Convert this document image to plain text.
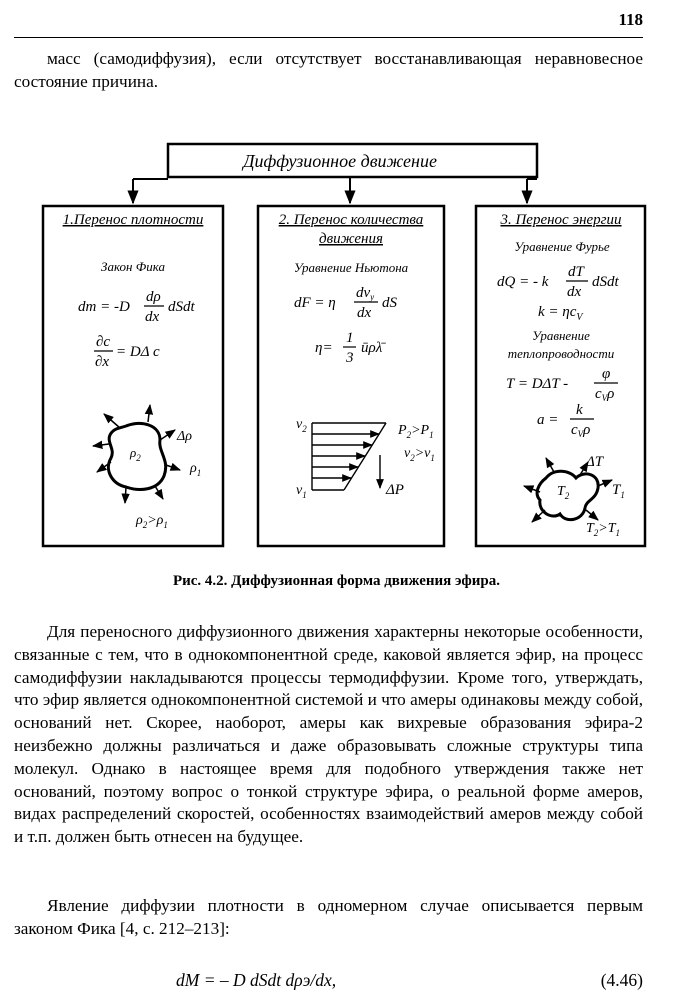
118
масс (самодиффузия), если отсутствует восстанавливающая неравновесное состояние причина.
Диффузионное движение
1.Перенос плотности
Закон Фика
dm = -D
dρ
dx
dSdt
∂c
∂x
= DΔ c
Δρ
$\rho_2$
$\rho_1$
$\rho_2>\rho_1$
2. Перенос количества
движения
Уравнение Ньютона
dF = η
$dv_y$
dx
dS
η=
1
3
ūρλ̄
$v_2$
$v_1$
$P_2>P_1$
$v_2>v_1$
ΔP
3. Перенос энергии
Уравнение Фурье
dQ = - k
dT
dx
dSdt
$k = \eta c_V$
Уравнение
теплопроводности
T = DΔT -
φ
$c_V\rho$
a =
k
$c_V\rho$
ΔT
$T_2$	$T_1$
$T_2>T_1$
Рис. 4.2. Диффузионная форма движения эфира.
Для переносного диффузионного движения характерны некоторые особенности, связанные с тем, что в однокомпонентной среде, каковой является эфир, на процесс самодиффузии накладываются процессы термодиффузии. Кроме того, утверждать, что эфир является однокомпонентной системой и что амеры одинаковы между собой, оснований нет. Скорее, наоборот, амеры как вихревые образования эфира-2 неизбежно должны различаться и даже образовывать сложные структуры типа молекул. Однако в настоящее время для подобного утверждения также нет оснований, поэтому вопрос о тонкой структуре эфира, о реальной форме амеров, видах распределений скоростей, особенностях взаимодействий амеров между собой и т.п. должен быть отнесен на будущее.
Явление диффузии плотности в одномерном случае описывается первым законом Фика [4, с. 212–213]:
dM = – D dSdt dρэ/dx,	(4.46)
